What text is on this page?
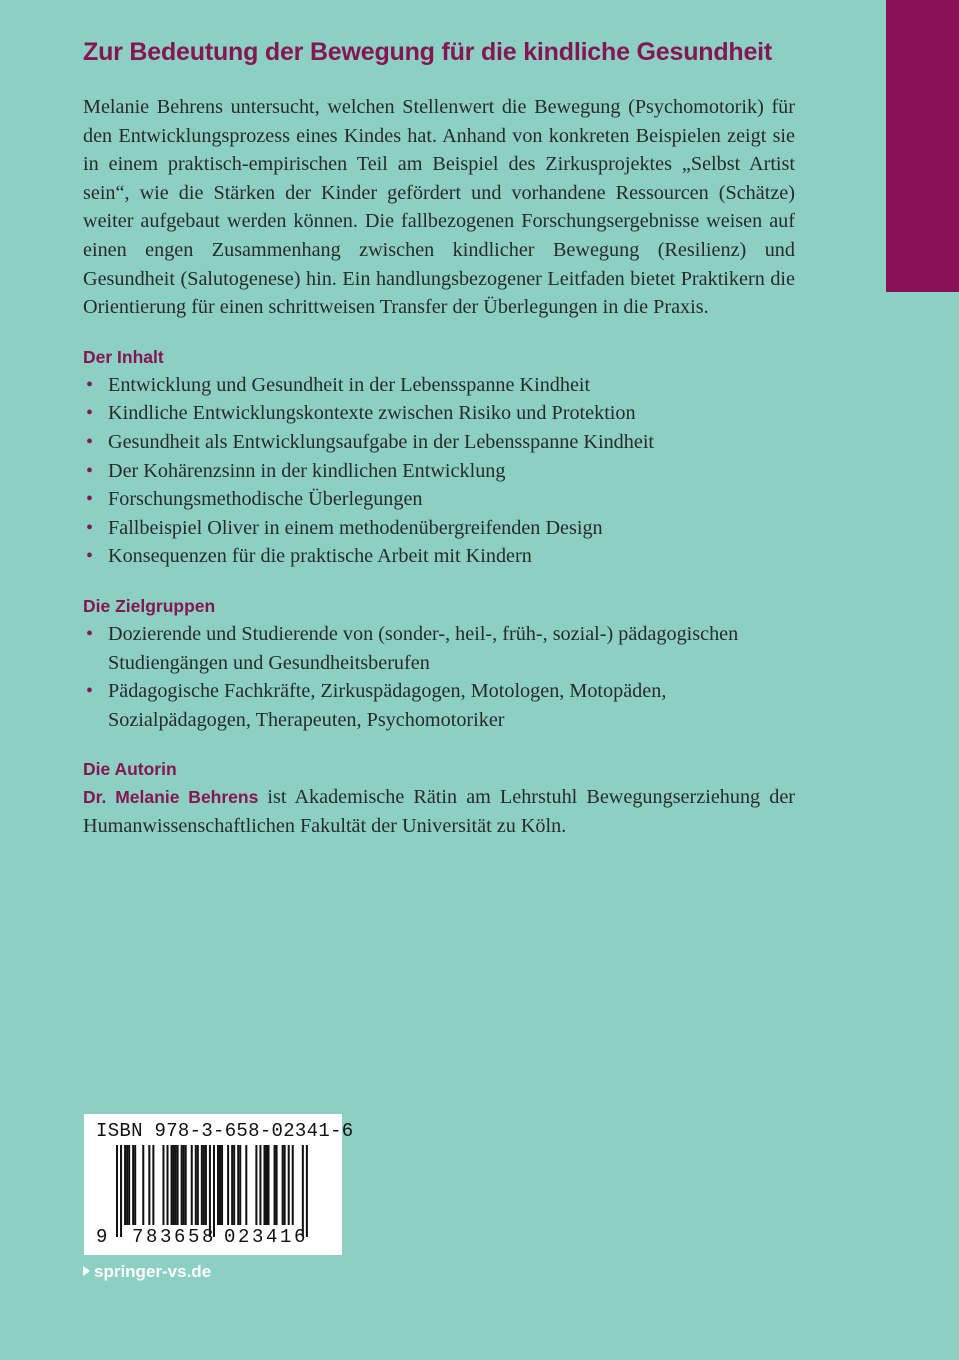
Zur Bedeutung der Bewegung für die kindliche Gesundheit

Melanie Behrens untersucht, welchen Stellenwert die Bewegung (Psychomotorik) für den Entwicklungsprozess eines Kindes hat. Anhand von konkreten Beispielen zeigt sie in einem praktisch-empirischen Teil am Beispiel des Zirkusprojektes „Selbst Artist sein“, wie die Stärken der Kinder gefördert und vorhandene Ressourcen (Schätze) weiter aufgebaut werden können. Die fallbezogenen Forschungsergebnisse weisen auf einen engen Zusammenhang zwischen kindlicher Bewegung (Resilienz) und Gesundheit (Salutogenese) hin. Ein handlungsbezogener Leitfaden bietet Praktikern die Orientierung für einen schrittweisen Transfer der Überlegungen in die Praxis.

Der Inhalt
• Entwicklung und Gesundheit in der Lebensspanne Kindheit
• Kindliche Entwicklungskontexte zwischen Risiko und Protektion
• Gesundheit als Entwicklungsaufgabe in der Lebensspanne Kindheit
• Der Kohärenzsinn in der kindlichen Entwicklung
• Forschungsmethodische Überlegungen
• Fallbeispiel Oliver in einem methodenübergreifenden Design
• Konsequenzen für die praktische Arbeit mit Kindern
Die Zielgruppen
• Dozierende und Studierende von (sonder-, heil-, früh-, sozial-) pädagogischen Studiengängen und Gesundheitsberufen
• Pädagogische Fachkräfte, Zirkuspädagogen, Motologen, Motopäden, Sozialpädagogen, Therapeuten, Psychomotoriker
Die Autorin

Dr. Melanie Behrens ist Akademische Rätin am Lehrstuhl Bewegungserziehung der Humanwissenschaftlichen Fakultät der Universität zu Köln.

ISBN 978-3-658-02341-6
9 783658 023416
springer-vs.de
